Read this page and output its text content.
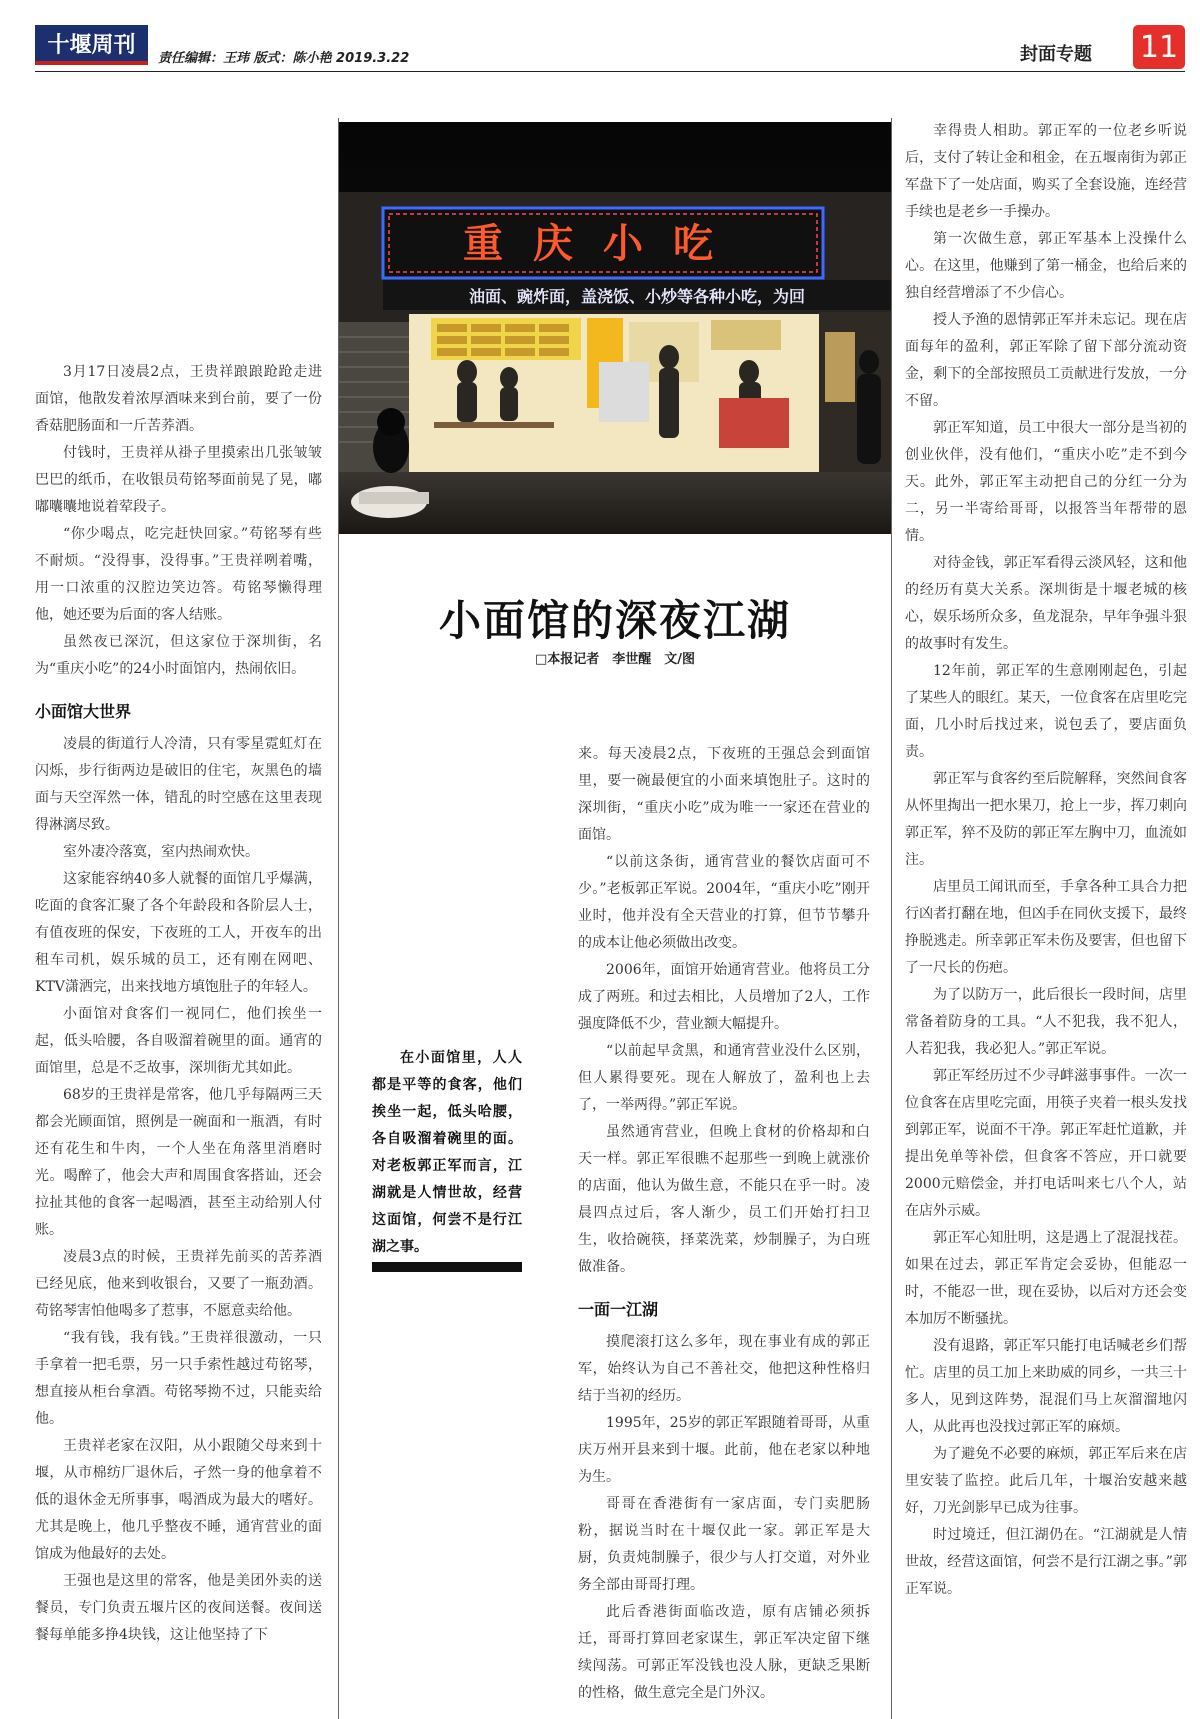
十堰周刊
责任编辑：王玮 版式：陈小艳 2019.3.22	封面专题 11
重庆小吃
油面、豌炸面，盖浇饭、小炒等各种小吃，为回
小面馆的深夜江湖
□本报记者　李世醒　文/图

在小面馆里，人人都是平等的食客，他们挨坐一起，低头哈腰，各自吸溜着碗里的面。对老板郭正军而言，江湖就是人情世故，经营这面馆，何尝不是行江湖之事。

3月17日凌晨2点，王贵祥踉踉跄跄走进面馆，他散发着浓厚酒味来到台前，要了一份香菇肥肠面和一斤苦荞酒。

付钱时，王贵祥从褂子里摸索出几张皱皱巴巴的纸币，在收银员苟铭琴面前晃了晃，嘟嘟囔囔地说着荤段子。

“你少喝点，吃完赶快回家。”苟铭琴有些不耐烦。“没得事，没得事。”王贵祥咧着嘴，用一口浓重的汉腔边笑边答。苟铭琴懒得理他，她还要为后面的客人结账。

虽然夜已深沉，但这家位于深圳街，名为“重庆小吃”的24小时面馆内，热闹依旧。

小面馆大世界

凌晨的街道行人冷清，只有零星霓虹灯在闪烁，步行街两边是破旧的住宅，灰黑色的墙面与天空浑然一体，错乱的时空感在这里表现得淋漓尽致。

室外凄冷落寞，室内热闹欢快。

这家能容纳40多人就餐的面馆几乎爆满，吃面的食客汇聚了各个年龄段和各阶层人士，有值夜班的保安，下夜班的工人，开夜车的出租车司机，娱乐城的员工，还有刚在网吧、KTV潇洒完，出来找地方填饱肚子的年轻人。

小面馆对食客们一视同仁，他们挨坐一起，低头哈腰，各自吸溜着碗里的面。通宵的面馆里，总是不乏故事，深圳街尤其如此。

68岁的王贵祥是常客，他几乎每隔两三天都会光顾面馆，照例是一碗面和一瓶酒，有时还有花生和牛肉，一个人坐在角落里消磨时光。喝醉了，他会大声和周围食客搭讪，还会拉扯其他的食客一起喝酒，甚至主动给别人付账。

凌晨3点的时候，王贵祥先前买的苦荞酒已经见底，他来到收银台，又要了一瓶劲酒。苟铭琴害怕他喝多了惹事，不愿意卖给他。

“我有钱，我有钱。”王贵祥很激动，一只手拿着一把毛票，另一只手索性越过苟铭琴，想直接从柜台拿酒。苟铭琴拗不过，只能卖给他。

王贵祥老家在汉阳，从小跟随父母来到十堰，从市棉纺厂退休后，孑然一身的他拿着不低的退休金无所事事，喝酒成为最大的嗜好。尤其是晚上，他几乎整夜不睡，通宵营业的面馆成为他最好的去处。

王强也是这里的常客，他是美团外卖的送餐员，专门负责五堰片区的夜间送餐。夜间送餐每单能多挣4块钱，这让他坚持了下

来。每天凌晨2点，下夜班的王强总会到面馆里，要一碗最便宜的小面来填饱肚子。这时的深圳街，“重庆小吃”成为唯一一家还在营业的面馆。

“以前这条街，通宵营业的餐饮店面可不少。”老板郭正军说。2004年，“重庆小吃”刚开业时，他并没有全天营业的打算，但节节攀升的成本让他必须做出改变。

2006年，面馆开始通宵营业。他将员工分成了两班。和过去相比，人员增加了2人，工作强度降低不少，营业额大幅提升。

“以前起早贪黑，和通宵营业没什么区别，但人累得要死。现在人解放了，盈利也上去了，一举两得。”郭正军说。

虽然通宵营业，但晚上食材的价格却和白天一样。郭正军很瞧不起那些一到晚上就涨价的店面，他认为做生意，不能只在乎一时。凌晨四点过后，客人渐少，员工们开始打扫卫生，收拾碗筷，择菜洗菜，炒制臊子，为白班做准备。

一面一江湖

摸爬滚打这么多年，现在事业有成的郭正军，始终认为自己不善社交，他把这种性格归结于当初的经历。

1995年，25岁的郭正军跟随着哥哥，从重庆万州开县来到十堰。此前，他在老家以种地为生。

哥哥在香港街有一家店面，专门卖肥肠粉，据说当时在十堰仅此一家。郭正军是大厨，负责炖制臊子，很少与人打交道，对外业务全部由哥哥打理。

此后香港街面临改造，原有店铺必须拆迁，哥哥打算回老家谋生，郭正军决定留下继续闯荡。可郭正军没钱也没人脉，更缺乏果断的性格，做生意完全是门外汉。

幸得贵人相助。郭正军的一位老乡听说后，支付了转让金和租金，在五堰南街为郭正军盘下了一处店面，购买了全套设施，连经营手续也是老乡一手操办。

第一次做生意，郭正军基本上没操什么心。在这里，他赚到了第一桶金，也给后来的独自经营增添了不少信心。

授人予渔的恩情郭正军并未忘记。现在店面每年的盈利，郭正军除了留下部分流动资金，剩下的全部按照员工贡献进行发放，一分不留。

郭正军知道，员工中很大一部分是当初的创业伙伴，没有他们，“重庆小吃”走不到今天。此外，郭正军主动把自己的分红一分为二，另一半寄给哥哥，以报答当年帮带的恩情。

对待金钱，郭正军看得云淡风轻，这和他的经历有莫大关系。深圳街是十堰老城的核心，娱乐场所众多，鱼龙混杂，早年争强斗狠的故事时有发生。

12年前，郭正军的生意刚刚起色，引起了某些人的眼红。某天，一位食客在店里吃完面，几小时后找过来，说包丢了，要店面负责。

郭正军与食客约至后院解释，突然间食客从怀里掏出一把水果刀，抢上一步，挥刀刺向郭正军，猝不及防的郭正军左胸中刀，血流如注。

店里员工闻讯而至，手拿各种工具合力把行凶者打翻在地，但凶手在同伙支援下，最终挣脱逃走。所幸郭正军未伤及要害，但也留下了一尺长的伤疤。

为了以防万一，此后很长一段时间，店里常备着防身的工具。“人不犯我，我不犯人，人若犯我，我必犯人。”郭正军说。

郭正军经历过不少寻衅滋事事件。一次一位食客在店里吃完面，用筷子夹着一根头发找到郭正军，说面不干净。郭正军赶忙道歉，并提出免单等补偿，但食客不答应，开口就要2000元赔偿金，并打电话叫来七八个人，站在店外示威。

郭正军心知肚明，这是遇上了混混找茬。如果在过去，郭正军肯定会妥协，但能忍一时，不能忍一世，现在妥协，以后对方还会变本加厉不断骚扰。

没有退路，郭正军只能打电话喊老乡们帮忙。店里的员工加上来助威的同乡，一共三十多人，见到这阵势，混混们马上灰溜溜地闪人，从此再也没找过郭正军的麻烦。

为了避免不必要的麻烦，郭正军后来在店里安装了监控。此后几年，十堰治安越来越好，刀光剑影早已成为往事。

时过境迁，但江湖仍在。“江湖就是人情世故，经营这面馆，何尝不是行江湖之事。”郭正军说。
